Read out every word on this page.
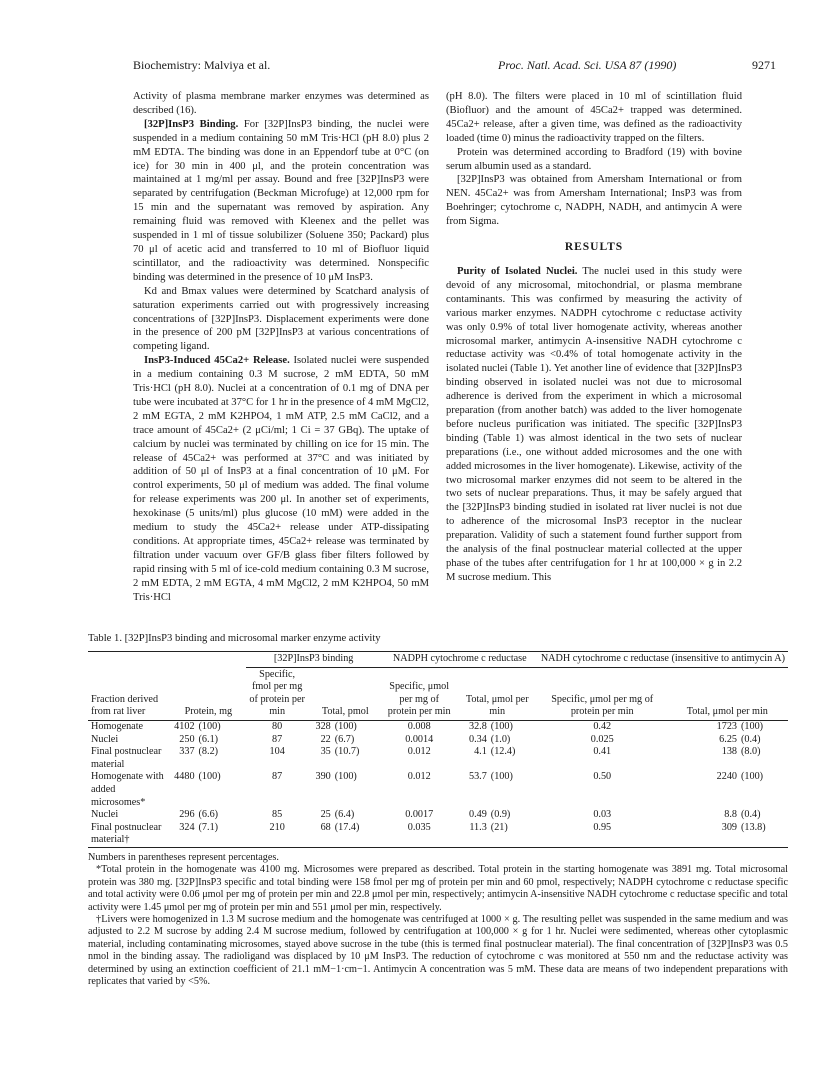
Biochemistry: Malviya et al.	Proc. Natl. Acad. Sci. USA 87 (1990)	9271

Activity of plasma membrane marker enzymes was determined as described (16).

[32P]InsP3 Binding. For [32P]InsP3 binding, the nuclei were suspended in a medium containing 50 mM Tris·HCl (pH 8.0) plus 2 mM EDTA. The binding was done in an Eppendorf tube at 0°C (on ice) for 30 min in 400 μl, and the protein concentration was maintained at 1 mg/ml per assay. Bound and free [32P]InsP3 were separated by centrifugation (Beckman Microfuge) at 12,000 rpm for 15 min and the supernatant was removed by aspiration. Any remaining fluid was removed with Kleenex and the pellet was suspended in 1 ml of tissue solubilizer (Soluene 350; Packard) plus 70 μl of acetic acid and transferred to 10 ml of Biofluor liquid scintillator, and the radioactivity was determined. Nonspecific binding was determined in the presence of 10 μM InsP3.

Kd and Bmax values were determined by Scatchard analysis of saturation experiments carried out with progressively increasing concentrations of [32P]InsP3. Displacement experiments were done in the presence of 200 pM [32P]InsP3 at various concentrations of competing ligand.

InsP3-Induced 45Ca2+ Release. Isolated nuclei were suspended in a medium containing 0.3 M sucrose, 2 mM EDTA, 50 mM Tris·HCl (pH 8.0). Nuclei at a concentration of 0.1 mg of DNA per tube were incubated at 37°C for 1 hr in the presence of 4 mM MgCl2, 2 mM EGTA, 2 mM K2HPO4, 1 mM ATP, 2.5 mM CaCl2, and a trace amount of 45Ca2+ (2 μCi/ml; 1 Ci = 37 GBq). The uptake of calcium by nuclei was terminated by chilling on ice for 15 min. The release of 45Ca2+ was performed at 37°C and was initiated by addition of 50 μl of InsP3 at a final concentration of 10 μM. For control experiments, 50 μl of medium was added. The final volume for release experiments was 200 μl. In another set of experiments, hexokinase (5 units/ml) plus glucose (10 mM) were added in the medium to study the 45Ca2+ release under ATP-dissipating conditions. At appropriate times, 45Ca2+ release was terminated by filtration under vacuum over GF/B glass fiber filters followed by rapid rinsing with 5 ml of ice-cold medium containing 0.3 M sucrose, 2 mM EDTA, 2 mM EGTA, 4 mM MgCl2, 2 mM K2HPO4, 50 mM Tris·HCl

(pH 8.0). The filters were placed in 10 ml of scintillation fluid (Biofluor) and the amount of 45Ca2+ trapped was determined. 45Ca2+ release, after a given time, was defined as the radioactivity loaded (time 0) minus the radioactivity trapped on the filters.

Protein was determined according to Bradford (19) with bovine serum albumin used as a standard.

[32P]InsP3 was obtained from Amersham International or from NEN. 45Ca2+ was from Amersham International; InsP3 was from Boehringer; cytochrome c, NADPH, NADH, and antimycin A were from Sigma.

RESULTS

Purity of Isolated Nuclei. The nuclei used in this study were devoid of any microsomal, mitochondrial, or plasma membrane contaminants. This was confirmed by measuring the activity of various marker enzymes. NADPH cytochrome c reductase activity was only 0.9% of total liver homogenate activity, whereas another microsomal marker, antimycin A-insensitive NADH cytochrome c reductase activity was <0.4% of total homogenate activity in the isolated nuclei (Table 1). Yet another line of evidence that [32P]InsP3 binding observed in isolated nuclei was not due to microsomal adherence is derived from the experiment in which a microsomal preparation (from another batch) was added to the liver homogenate before nucleus purification was initiated. The specific [32P]InsP3 binding (Table 1) was almost identical in the two sets of nuclear preparations (i.e., one without added microsomes and the one with added microsomes in the liver homogenate). Likewise, activity of the two microsomal marker enzymes did not seem to be altered in the two sets of nuclear preparations. Thus, it may be safely argued that the [32P]InsP3 binding studied in isolated rat liver nuclei is not due to adherence of the microsomal InsP3 receptor in the nuclear preparation. Validity of such a statement found further support from the analysis of the final postnuclear material collected at the upper phase of the tubes after centrifugation for 1 hr at 100,000 × g in 2.2 M sucrose medium. This

Table 1. [32P]InsP3 binding and microsomal marker enzyme activity
Fraction derived from rat liver	Protein, mg	[32P]InsP3 binding		NADPH cytochrome c reductase		NADH cytochrome c reductase (insensitive to antimycin A)	
		Specific, fmol per mg of protein per min	Total, pmol	Specific, μmol per mg of protein per min	Total, μmol per min	Specific, μmol per mg of protein per min	Total, μmol per min
Homogenate	4102 (100)	80	328 (100)	0.008	32.8 (100)	0.42	1723 (100)
Nuclei	250 (6.1)	87	22 (6.7)	0.0014	0.34 (1.0)	0.025	6.25 (0.4)
Final postnuclear material	337 (8.2)	104	35 (10.7)	0.012	4.1 (12.4)	0.41	138 (8.0)
Homogenate with added microsomes*	4480 (100)	87	390 (100)	0.012	53.7 (100)	0.50	2240 (100)
Nuclei	296 (6.6)	85	25 (6.4)	0.0017	0.49 (0.9)	0.03	8.8 (0.4)
Final postnuclear material†	324 (7.1)	210	68 (17.4)	0.035	11.3 (21)	0.95	309 (13.8)

Numbers in parentheses represent percentages.

*Total protein in the homogenate was 4100 mg. Microsomes were prepared as described. Total protein in the starting homogenate was 3891 mg. Total microsomal protein was 380 mg. [32P]InsP3 specific and total binding were 158 fmol per mg of protein per min and 60 pmol, respectively; NADPH cytochrome c reductase specific and total activity were 0.06 μmol per mg of protein per min and 22.8 μmol per min, respectively; antimycin A-insensitive NADH cytochrome c reductase specific and total activity were 1.45 μmol per mg of protein per min and 551 μmol per min, respectively.

†Livers were homogenized in 1.3 M sucrose medium and the homogenate was centrifuged at 1000 × g. The resulting pellet was suspended in the same medium and was adjusted to 2.2 M sucrose by adding 2.4 M sucrose medium, followed by centrifugation at 100,000 × g for 1 hr. Nuclei were sedimented, whereas other cytoplasmic material, including contaminating microsomes, stayed above sucrose in the tube (this is termed final postnuclear material). The final concentration of [32P]InsP3 was 0.5 nmol in the binding assay. The radioligand was displaced by 10 μM InsP3. The reduction of cytochrome c was monitored at 550 nm and the reductase activity was determined by using an extinction coefficient of 21.1 mM−1·cm−1. Antimycin A concentration was 5 mM. These data are means of two independent preparations with replicates that varied by <5%.
